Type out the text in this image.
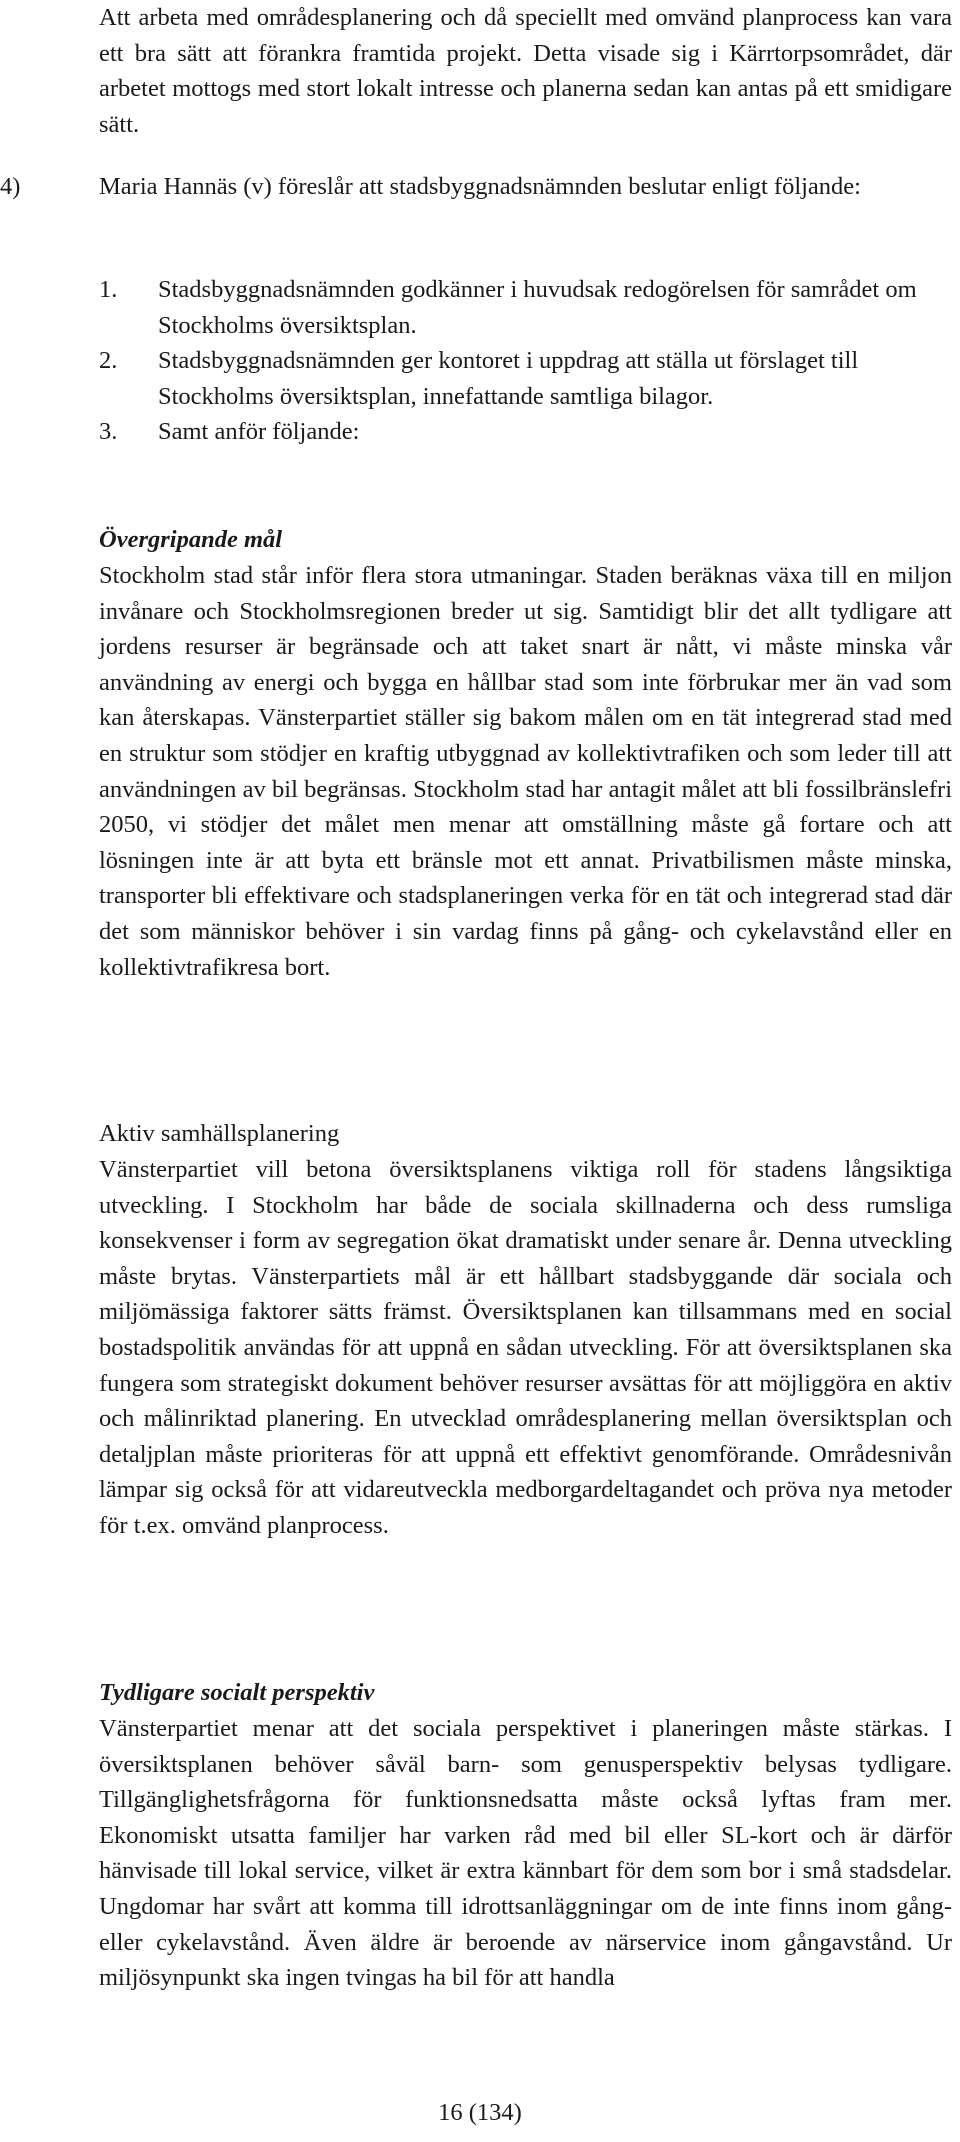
Att arbeta med områdesplanering och då speciellt med omvänd planprocess kan vara ett bra sätt att förankra framtida projekt. Detta visade sig i Kärrtorpsområdet, där arbetet mottogs med stort lokalt intresse och planerna sedan kan antas på ett smidigare sätt.
4)	Maria Hannäs (v) föreslår att stadsbyggnadsnämnden beslutar enligt följande:
1. Stadsbyggnadsnämnden godkänner i huvudsak redogörelsen för samrådet om Stockholms översiktsplan.
2. Stadsbyggnadsnämnden ger kontoret i uppdrag att ställa ut förslaget till Stockholms översiktsplan, innefattande samtliga bilagor.
3. Samt anför följande:
Övergripande mål
Stockholm stad står inför flera stora utmaningar. Staden beräknas växa till en miljon invånare och Stockholmsregionen breder ut sig. Samtidigt blir det allt tydligare att jordens resurser är begränsade och att taket snart är nått, vi måste minska vår användning av energi och bygga en hållbar stad som inte förbrukar mer än vad som kan återskapas. Vänsterpartiet ställer sig bakom målen om en tät integrerad stad med en struktur som stödjer en kraftig utbyggnad av kollektivtrafiken och som leder till att användningen av bil begränsas. Stockholm stad har antagit målet att bli fossilbränslefri 2050, vi stödjer det målet men menar att omställning måste gå fortare och att lösningen inte är att byta ett bränsle mot ett annat. Privatbilismen måste minska, transporter bli effektivare och stadsplaneringen verka för en tät och integrerad stad där det som människor behöver i sin vardag finns på gång- och cykelavstånd eller en kollektivtrafikresa bort.
Aktiv samhällsplanering
Vänsterpartiet vill betona översiktsplanens viktiga roll för stadens långsiktiga utveckling. I Stockholm har både de sociala skillnaderna och dess rumsliga konsekvenser i form av segregation ökat dramatiskt under senare år. Denna utveckling måste brytas. Vänsterpartiets mål är ett hållbart stadsbyggande där sociala och miljömässiga faktorer sätts främst. Översiktsplanen kan tillsammans med en social bostadspolitik användas för att uppnå en sådan utveckling. För att översiktsplanen ska fungera som strategiskt dokument behöver resurser avsättas för att möjliggöra en aktiv och målinriktad planering. En utvecklad områdesplanering mellan översiktsplan och detaljplan måste prioriteras för att uppnå ett effektivt genomförande. Områdesnivån lämpar sig också för att vidareutveckla medborgardeltagandet och pröva nya metoder för t.ex. omvänd planprocess.
Tydligare socialt perspektiv
Vänsterpartiet menar att det sociala perspektivet i planeringen måste stärkas. I översiktsplanen behöver såväl barn- som genusperspektiv belysas tydligare. Tillgänglighetsfrågorna för funktionsnedsatta måste också lyftas fram mer. Ekonomiskt utsatta familjer har varken råd med bil eller SL-kort och är därför hänvisade till lokal service, vilket är extra kännbart för dem som bor i små stadsdelar. Ungdomar har svårt att komma till idrottsanläggningar om de inte finns inom gång- eller cykelavstånd. Även äldre är beroende av närservice inom gångavstånd. Ur miljösynpunkt ska ingen tvingas ha bil för att handla
16 (134)
